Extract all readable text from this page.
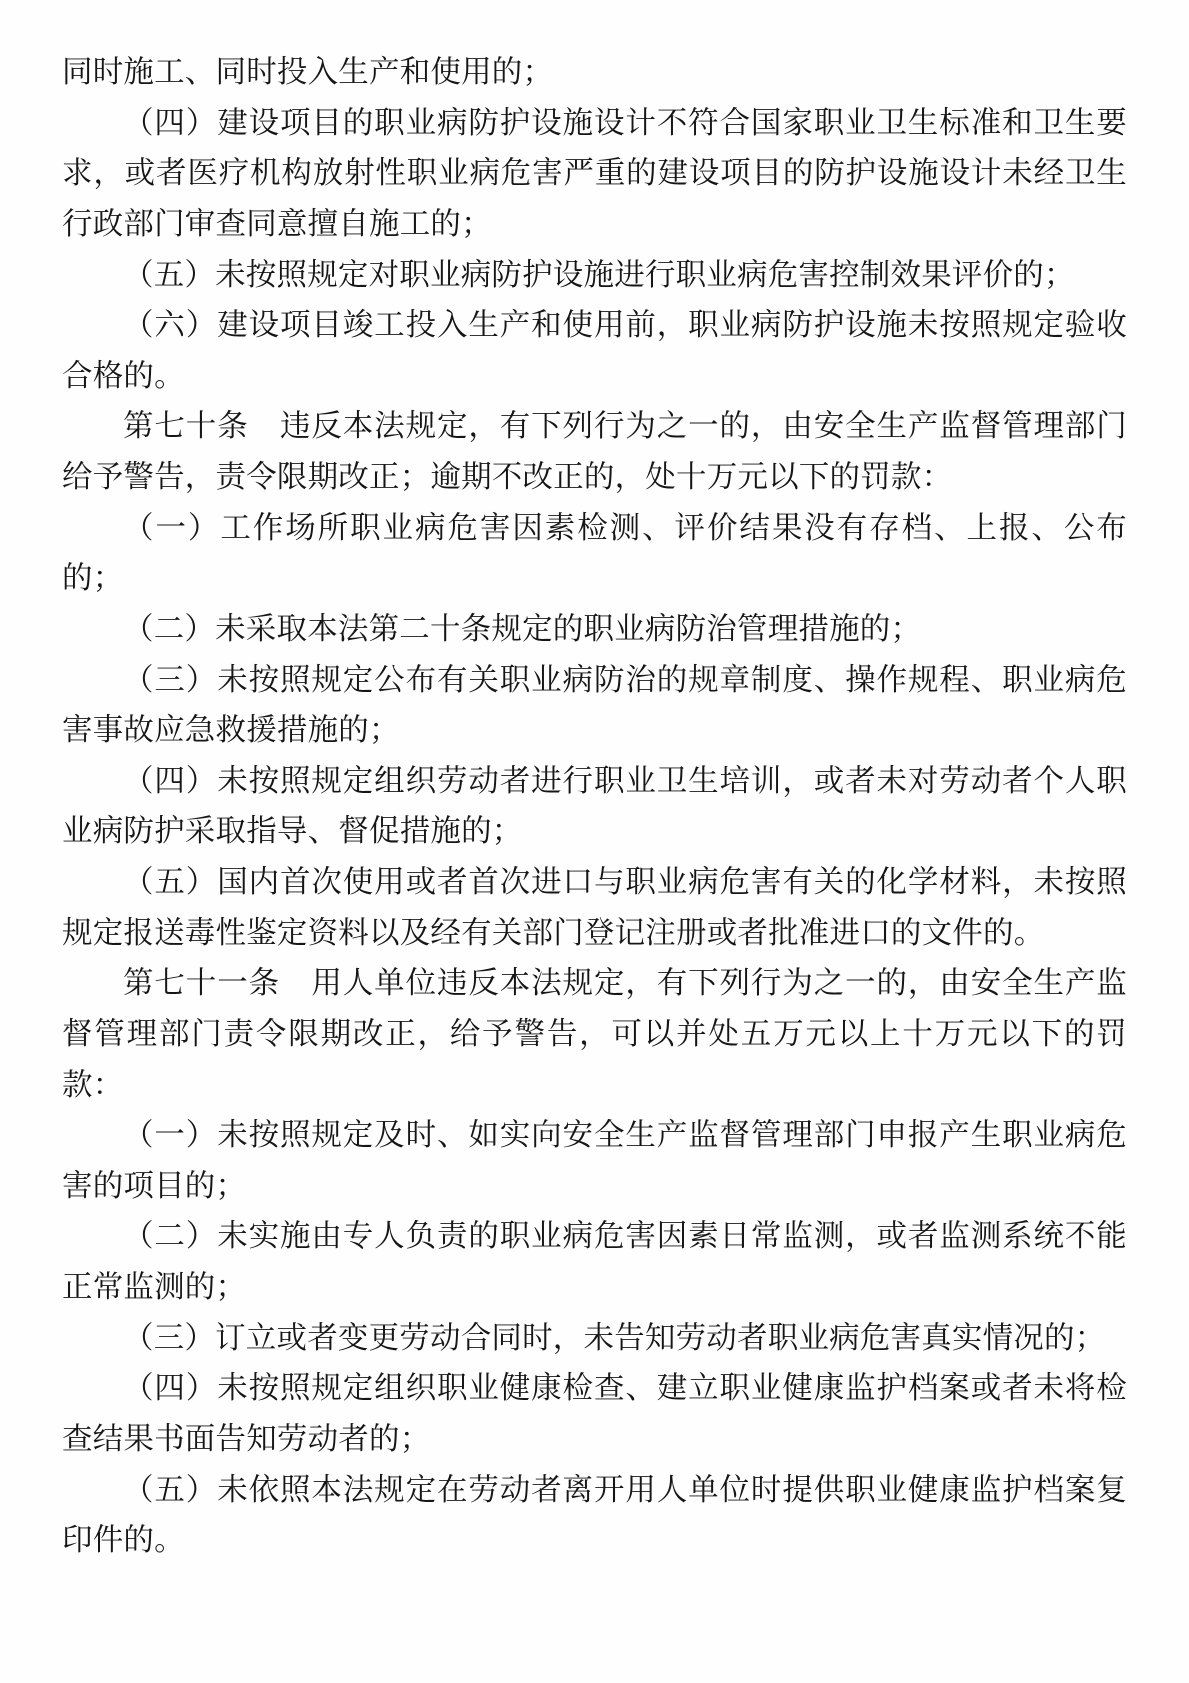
同时施工、同时投入生产和使用的；

（四）建设项目的职业病防护设施设计不符合国家职业卫生标准和卫生要求，或者医疗机构放射性职业病危害严重的建设项目的防护设施设计未经卫生行政部门审查同意擅自施工的；

（五）未按照规定对职业病防护设施进行职业病危害控制效果评价的；

（六）建设项目竣工投入生产和使用前，职业病防护设施未按照规定验收合格的。

第七十条　违反本法规定，有下列行为之一的，由安全生产监督管理部门给予警告，责令限期改正；逾期不改正的，处十万元以下的罚款：

（一）工作场所职业病危害因素检测、评价结果没有存档、上报、公布的；

（二）未采取本法第二十条规定的职业病防治管理措施的；

（三）未按照规定公布有关职业病防治的规章制度、操作规程、职业病危害事故应急救援措施的；

（四）未按照规定组织劳动者进行职业卫生培训，或者未对劳动者个人职业病防护采取指导、督促措施的；

（五）国内首次使用或者首次进口与职业病危害有关的化学材料，未按照规定报送毒性鉴定资料以及经有关部门登记注册或者批准进口的文件的。

第七十一条　用人单位违反本法规定，有下列行为之一的，由安全生产监督管理部门责令限期改正，给予警告，可以并处五万元以上十万元以下的罚款：

（一）未按照规定及时、如实向安全生产监督管理部门申报产生职业病危害的项目的；

（二）未实施由专人负责的职业病危害因素日常监测，或者监测系统不能正常监测的；

（三）订立或者变更劳动合同时，未告知劳动者职业病危害真实情况的；

（四）未按照规定组织职业健康检查、建立职业健康监护档案或者未将检查结果书面告知劳动者的；

（五）未依照本法规定在劳动者离开用人单位时提供职业健康监护档案复印件的。
